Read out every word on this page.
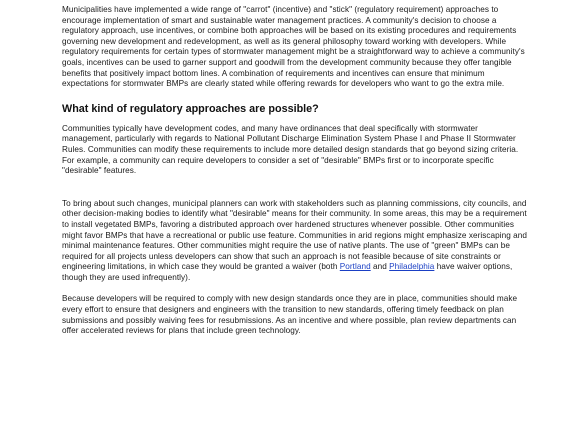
Municipalities have implemented a wide range of "carrot" (incentive) and "stick" (regulatory requirement) approaches to encourage implementation of smart and sustainable water management practices. A community's decision to choose a regulatory approach, use incentives, or combine both approaches will be based on its existing procedures and requirements governing new development and redevelopment, as well as its general philosophy toward working with developers. While regulatory requirements for certain types of stormwater management might be a straightforward way to achieve a community's goals, incentives can be used to garner support and goodwill from the development community because they offer tangible benefits that positively impact bottom lines. A combination of requirements and incentives can ensure that minimum expectations for stormwater BMPs are clearly stated while offering rewards for developers who want to go the extra mile.

What kind of regulatory approaches are possible?

Communities typically have development codes, and many have ordinances that deal specifically with stormwater management, particularly with regards to National Pollutant Discharge Elimination System Phase I and Phase II Stormwater Rules. Communities can modify these requirements to include more detailed design standards that go beyond sizing criteria. For example, a community can require developers to consider a set of "desirable" BMPs first or to incorporate specific "desirable" features.

To bring about such changes, municipal planners can work with stakeholders such as planning commissions, city councils, and other decision-making bodies to identify what "desirable" means for their community. In some areas, this may be a requirement to install vegetated BMPs, favoring a distributed approach over hardened structures whenever possible. Other communities might favor BMPs that have a recreational or public use feature. Communities in arid regions might emphasize xeriscaping and minimal maintenance features. Other communities might require the use of native plants. The use of "green" BMPs can be required for all projects unless developers can show that such an approach is not feasible because of site constraints or engineering limitations, in which case they would be granted a waiver (both Portland and Philadelphia have waiver options, though they are used infrequently).

Because developers will be required to comply with new design standards once they are in place, communities should make every effort to ensure that designers and engineers with the transition to new standards, offering timely feedback on plan submissions and possibly waiving fees for resubmissions. As an incentive and where possible, plan review departments can offer accelerated reviews for plans that include green technology.
